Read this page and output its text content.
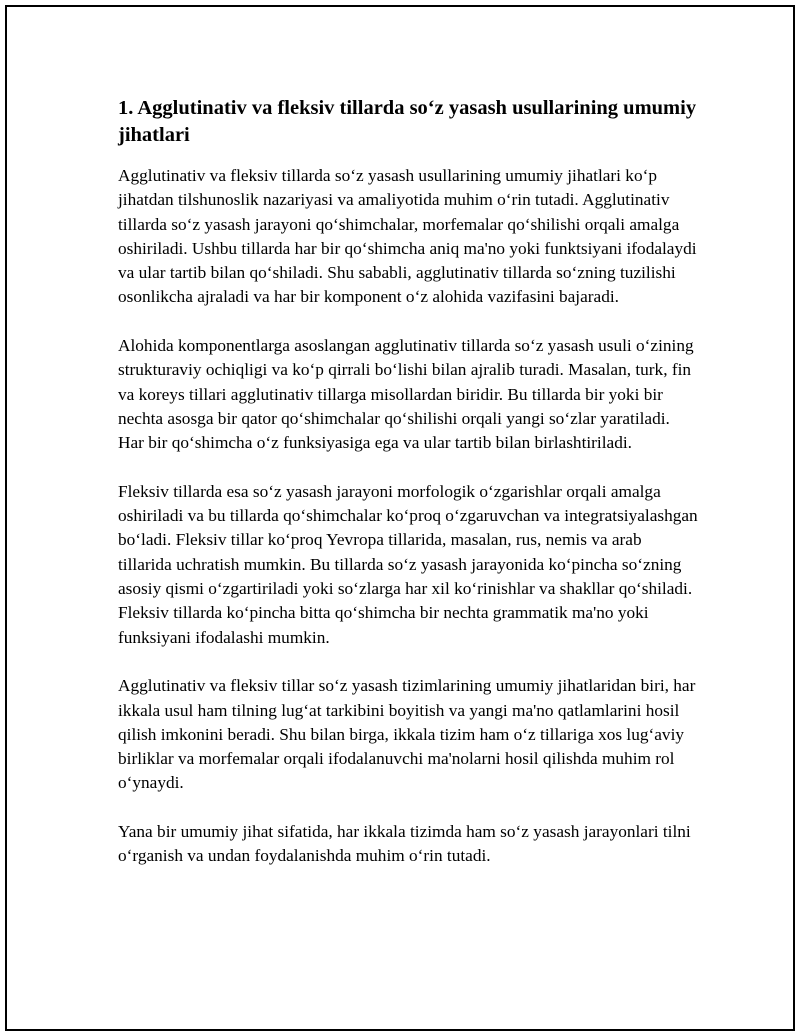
1. Agglutinativ va fleksiv tillarda so‘z yasash usullarining umumiy jihatlari

Agglutinativ va fleksiv tillarda so‘z yasash usullarining umumiy jihatlari ko‘p jihatdan tilshunoslik nazariyasi va amaliyotida muhim o‘rin tutadi. Agglutinativ tillarda so‘z yasash jarayoni qo‘shimchalar, morfemalar qo‘shilishi orqali amalga oshiriladi. Ushbu tillarda har bir qo‘shimcha aniq ma'no yoki funktsiyani ifodalaydi va ular tartib bilan qo‘shiladi. Shu sababli, agglutinativ tillarda so‘zning tuzilishi osonlikcha ajraladi va har bir komponent o‘z alohida vazifasini bajaradi.

Alohida komponentlarga asoslangan agglutinativ tillarda so‘z yasash usuli o‘zining strukturaviy ochiqligi va ko‘p qirrali bo‘lishi bilan ajralib turadi. Masalan, turk, fin va koreys tillari agglutinativ tillarga misollardan biridir. Bu tillarda bir yoki bir nechta asosga bir qator qo‘shimchalar qo‘shilishi orqali yangi so‘zlar yaratiladi. Har bir qo‘shimcha o‘z funksiyasiga ega va ular tartib bilan birlashtiriladi.

Fleksiv tillarda esa so‘z yasash jarayoni morfologik o‘zgarishlar orqali amalga oshiriladi va bu tillarda qo‘shimchalar ko‘proq o‘zgaruvchan va integratsiyalashgan bo‘ladi. Fleksiv tillar ko‘proq Yevropa tillarida, masalan, rus, nemis va arab tillarida uchratish mumkin. Bu tillarda so‘z yasash jarayonida ko‘pincha so‘zning asosiy qismi o‘zgartiriladi yoki so‘zlarga har xil ko‘rinishlar va shakllar qo‘shiladi. Fleksiv tillarda ko‘pincha bitta qo‘shimcha bir nechta grammatik ma'no yoki funksiyani ifodalashi mumkin.

Agglutinativ va fleksiv tillar so‘z yasash tizimlarining umumiy jihatlaridan biri, har ikkala usul ham tilning lug‘at tarkibini boyitish va yangi ma'no qatlamlarini hosil qilish imkonini beradi. Shu bilan birga, ikkala tizim ham o‘z tillariga xos lug‘aviy birliklar va morfemalar orqali ifodalanuvchi ma'nolarni hosil qilishda muhim rol o‘ynaydi.

Yana bir umumiy jihat sifatida, har ikkala tizimda ham so‘z yasash jarayonlari tilni o‘rganish va undan foydalanishda muhim o‘rin tutadi.
